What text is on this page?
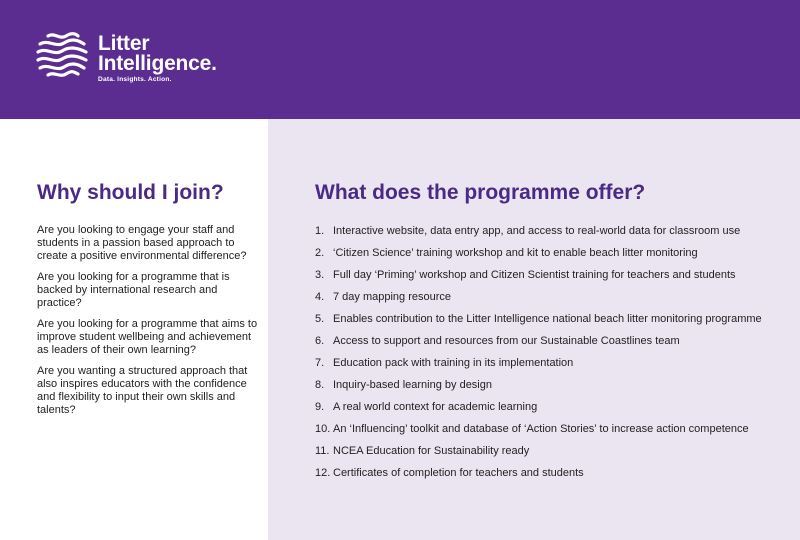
Litter
Intelligence.
Data. Insights. Action.
Why should I join?

Are you looking to engage your staff and students in a passion based approach to create a positive environmental difference?

Are you looking for a programme that is backed by international research and practice?

Are you looking for a programme that aims to improve student wellbeing and achievement as leaders of their own learning?

Are you wanting a structured approach that also inspires educators with the confidence and flexibility to input their own skills and talents?

What does the programme offer?
1. Interactive website, data entry app, and access to real-world data for classroom use
2. ‘Citizen Science’ training workshop and kit to enable beach litter monitoring
3. Full day ‘Priming’ workshop and Citizen Scientist training for teachers and students
4. 7 day mapping resource
5. Enables contribution to the Litter Intelligence national beach litter monitoring programme
6. Access to support and resources from our Sustainable Coastlines team
7. Education pack with training in its implementation
8. Inquiry-based learning by design
9. A real world context for academic learning
10. An ‘Influencing’ toolkit and database of ‘Action Stories’ to increase action competence
11. NCEA Education for Sustainability ready
12. Certificates of completion for teachers and students
